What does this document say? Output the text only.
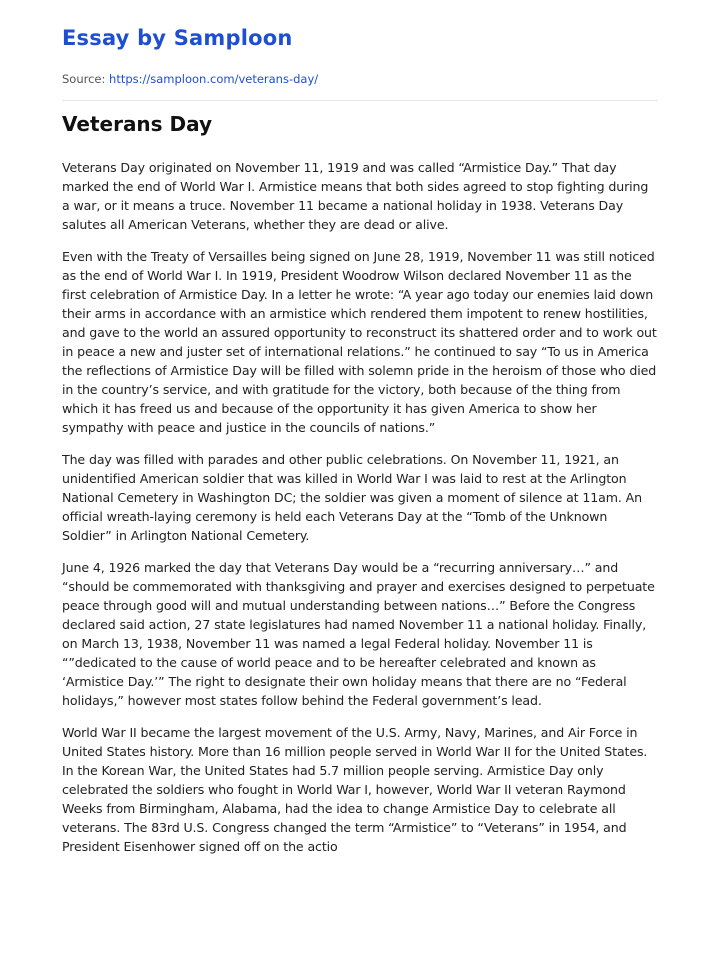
Essay by Samploon
Source: https://samploon.com/veterans-day/
Veterans Day

Veterans Day originated on November 11, 1919 and was called “Armistice Day.” That day marked the end of World War I. Armistice means that both sides agreed to stop fighting during a war, or it means a truce. November 11 became a national holiday in 1938. Veterans Day salutes all American Veterans, whether they are dead or alive.

Even with the Treaty of Versailles being signed on June 28, 1919, November 11 was still noticed as the end of World War I. In 1919, President Woodrow Wilson declared November 11 as the first celebration of Armistice Day. In a letter he wrote: “A year ago today our enemies laid down their arms in accordance with an armistice which rendered them impotent to renew hostilities, and gave to the world an assured opportunity to reconstruct its shattered order and to work out in peace a new and juster set of international relations.” he continued to say “To us in America the reflections of Armistice Day will be filled with solemn pride in the heroism of those who died in the country’s service, and with gratitude for the victory, both because of the thing from which it has freed us and because of the opportunity it has given America to show her sympathy with peace and justice in the councils of nations.”

The day was filled with parades and other public celebrations. On November 11, 1921, an unidentified American soldier that was killed in World War I was laid to rest at the Arlington National Cemetery in Washington DC; the soldier was given a moment of silence at 11am. An official wreath-laying ceremony is held each Veterans Day at the “Tomb of the Unknown Soldier” in Arlington National Cemetery.

June 4, 1926 marked the day that Veterans Day would be a “recurring anniversary…” and “should be commemorated with thanksgiving and prayer and exercises designed to perpetuate peace through good will and mutual understanding between nations…” Before the Congress declared said action, 27 state legislatures had named November 11 a national holiday. Finally, on March 13, 1938, November 11 was named a legal Federal holiday. November 11 is “”dedicated to the cause of world peace and to be hereafter celebrated and known as ‘Armistice Day.’” The right to designate their own holiday means that there are no “Federal holidays,” however most states follow behind the Federal government’s lead.

World War II became the largest movement of the U.S. Army, Navy, Marines, and Air Force in United States history. More than 16 million people served in World War II for the United States. In the Korean War, the United States had 5.7 million people serving. Armistice Day only celebrated the soldiers who fought in World War I, however, World War II veteran Raymond Weeks from Birmingham, Alabama, had the idea to change Armistice Day to celebrate all veterans. The 83rd U.S. Congress changed the term “Armistice” to “Veterans” in 1954, and President Eisenhower signed off on the actio
